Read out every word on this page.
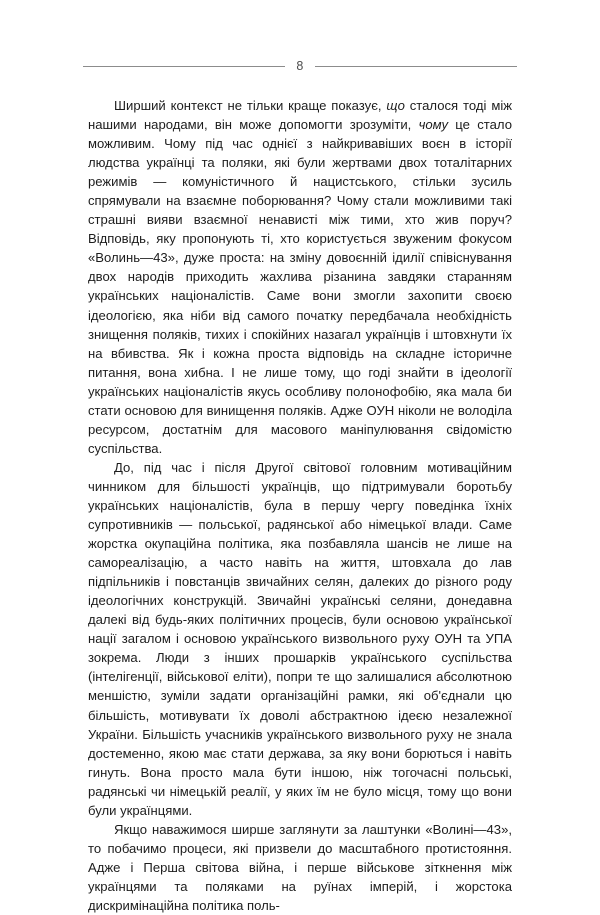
8

Ширший контекст не тільки краще показує, що сталося тоді між нашими народами, він може допомогти зрозуміти, чому це стало можливим. Чому під час однієї з найкривавіших воєн в історії людства українці та поляки, які були жертвами двох тоталітарних режимів — комуністичного й нацистського, стільки зусиль спрямували на взаємне поборювання? Чому стали можливими такі страшні вияви взаємної ненависті між тими, хто жив поруч? Відповідь, яку пропонують ті, хто користується звуженим фокусом «Волинь—43», дуже проста: на зміну довоєнній ідилії співіснування двох народів приходить жахлива різанина завдяки старанням українських націоналістів. Саме вони змогли захопити своєю ідеологією, яка ніби від самого початку передбачала необхідність знищення поляків, тихих і спокійних назагал українців і штовхнути їх на вбивства. Як і кожна проста відповідь на складне історичне питання, вона хибна. І не лише тому, що годі знайти в ідеології українських націоналістів якусь особливу полонофобію, яка мала би стати основою для винищення поляків. Адже ОУН ніколи не володіла ресурсом, достатнім для масового маніпулювання свідомістю суспільства.

До, під час і після Другої світової головним мотиваційним чинником для більшості українців, що підтримували боротьбу українських націоналістів, була в першу чергу поведінка їхніх супротивників — польської, радянської або німецької влади. Саме жорстка окупаційна політика, яка позбавляла шансів не лише на самореалізацію, а часто навіть на життя, штовхала до лав підпільників і повстанців звичайних селян, далеких до різного роду ідеологічних конструкцій. Звичайні українські селяни, донедавна далекі від будь-яких політичних процесів, були основою української нації загалом і основою українського визвольного руху ОУН та УПА зокрема. Люди з інших прошарків українського суспільства (інтелігенції, військової еліти), попри те що залишалися абсолютною меншістю, зуміли задати організаційні рамки, які об'єднали цю більшість, мотивувати їх доволі абстрактною ідеєю незалежної України. Більшість учасників українського визвольного руху не знала достеменно, якою має стати держава, за яку вони борються і навіть гинуть. Вона просто мала бути іншою, ніж тогочасні польські, радянські чи німецькій реалії, у яких їм не було місця, тому що вони були українцями.

Якщо наважимося ширше заглянути за лаштунки «Волині—43», то побачимо процеси, які призвели до масштабного протистояння. Адже і Перша світова війна, і перше військове зіткнення між українцями та поляками на руїнах імперій, і жорстока дискримінаційна політика поль-
